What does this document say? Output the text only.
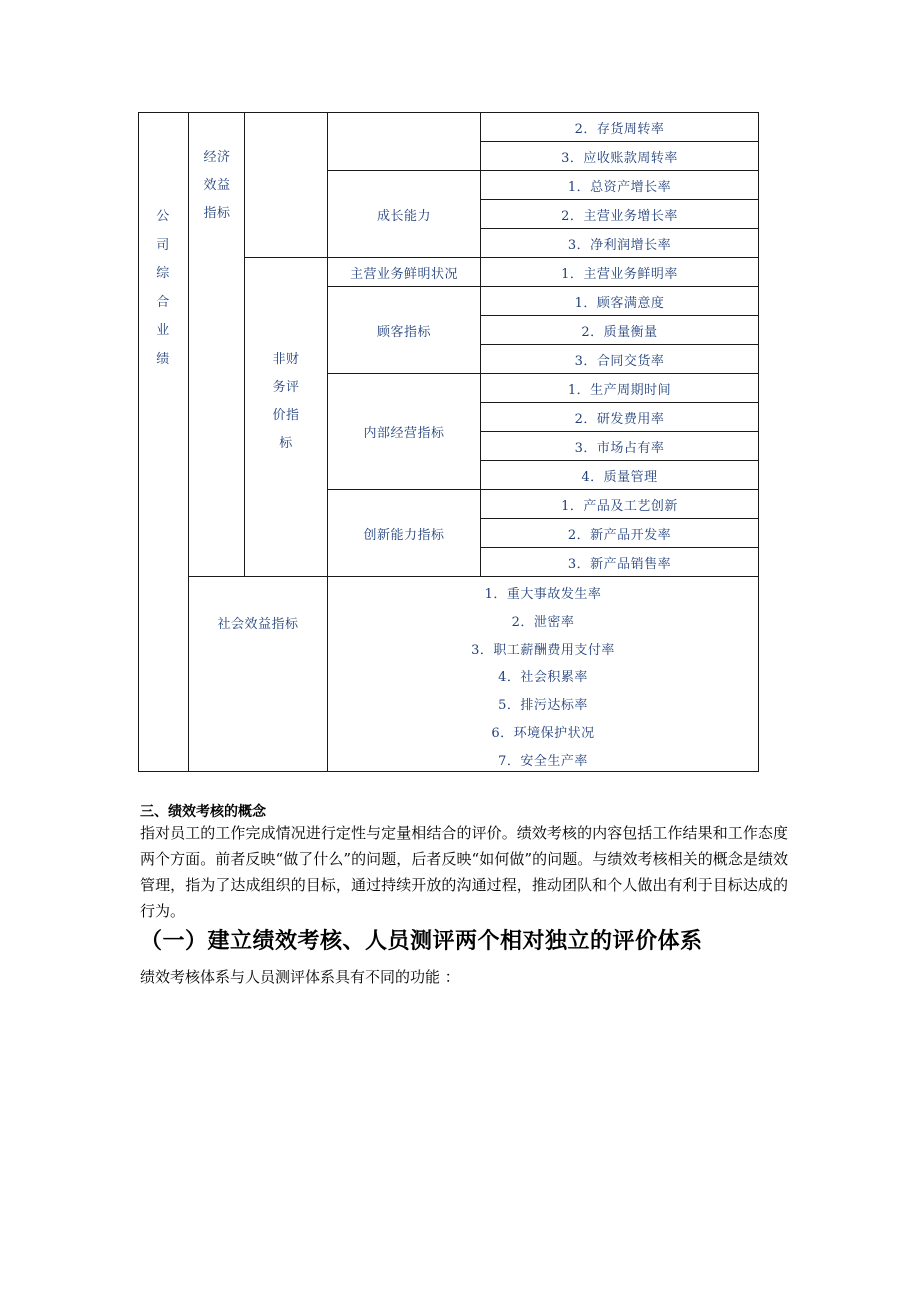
公
司
综
合
业
绩
经济
效益
指标
非财
务评
价指
标
社会效益指标
成长能力
主营业务鲜明状况
顾客指标
内部经营指标
创新能力指标
2．存货周转率
3．应收账款周转率
1．总资产增长率
2．主营业务增长率
3．净利润增长率
1．主营业务鲜明率
1．顾客满意度
2．质量衡量
3．合同交货率
1．生产周期时间
2．研发费用率
3．市场占有率
4．质量管理
1．产品及工艺创新
2．新产品开发率
3．新产品销售率
1．重大事故发生率
2．泄密率
3．职工薪酬费用支付率
4．社会积累率
5．排污达标率
6．环境保护状况
7．安全生产率
三、绩效考核的概念
指对员工的工作完成情况进行定性与定量相结合的评价。绩效考核的内容包括工作结果和工作态度两个方面。前者反映“做了什么”的问题，后者反映“如何做”的问题。与绩效考核相关的概念是绩效管理，指为了达成组织的目标，通过持续开放的沟通过程，推动团队和个人做出有利于目标达成的行为。
（一）建立绩效考核、人员测评两个相对独立的评价体系
绩效考核体系与人员测评体系具有不同的功能 ：
